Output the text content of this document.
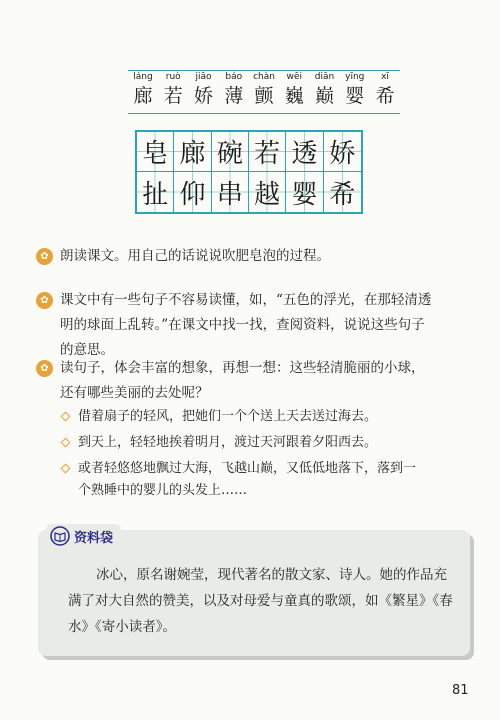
láng
廊
ruò
若
jiāo
娇
báo
薄
chàn
颤
wēi
巍
diān
巅
yīng
婴
xī
希
皂 廊 碗 若 透 娇
扯 仰 串 越 婴 希
✿ 朗读课文。用自己的话说说吹肥皂泡的过程。
✿ 课文中有一些句子不容易读懂，如，“五色的浮光，在那轻清透
明的球面上乱转。”在课文中找一找，查阅资料，说说这些句子
的意思。
✿ 读句子，体会丰富的想象，再想一想：这些轻清脆丽的小球，
还有哪些美丽的去处呢？
借着扇子的轻风，把她们一个个送上天去送过海去。
到天上，轻轻地挨着明月，渡过天河跟着夕阳西去。
或者轻悠悠地飘过大海，飞越山巅，又低低地落下，落到一
个熟睡中的婴儿的头发上……
资料袋
冰心，原名谢婉莹，现代著名的散文家、诗人。她的作品充满了对大自然的赞美，以及对母爱与童真的歌颂，如《繁星》《春水》《寄小读者》。
81
